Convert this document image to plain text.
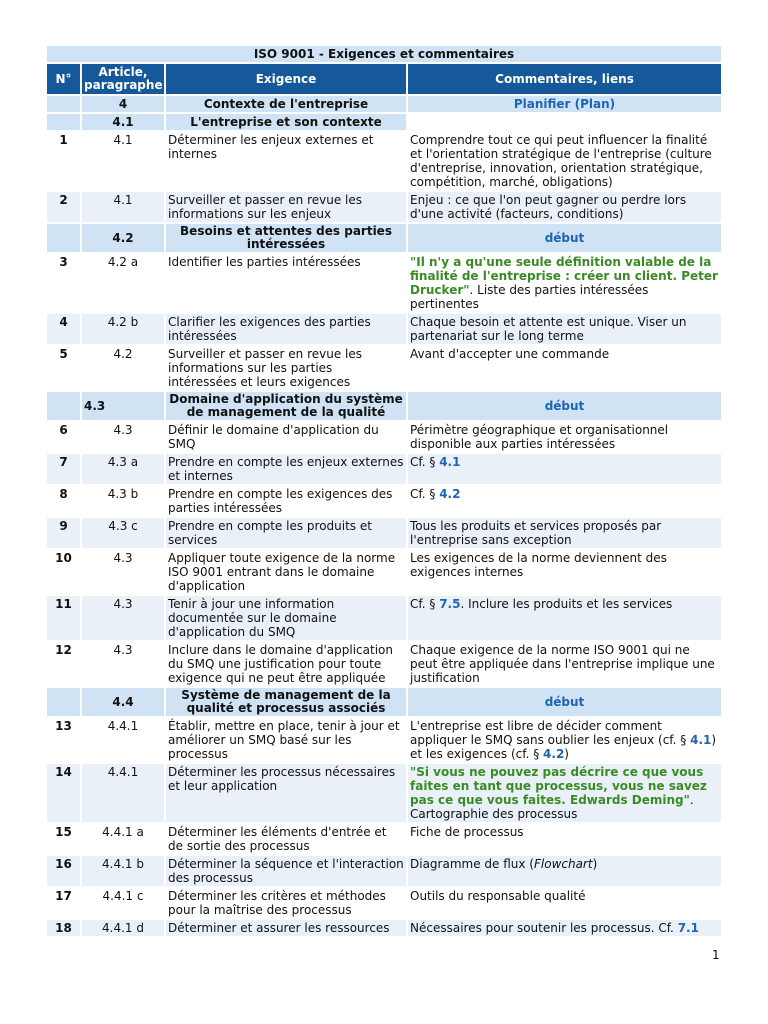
ISO 9001 - Exigences et commentaires			
N°	Article, paragraphe	Exigence	Commentaires, liens
	4	Contexte de l'entreprise	Planifier (Plan)
	4.1	L'entreprise et son contexte	
1	4.1	Déterminer les enjeux externes et internes	Comprendre tout ce qui peut influencer la finalité et l'orientation stratégique de l'entreprise (culture d'entreprise, innovation, orientation stratégique, compétition, marché, obligations)
2	4.1	Surveiller et passer en revue les informations sur les enjeux	Enjeu : ce que l'on peut gagner ou perdre lors d'une activité (facteurs, conditions)
	4.2	Besoins et attentes des parties intéressées	début
3	4.2 a	Identifier les parties intéressées	"Il n'y a qu'une seule définition valable de la finalité de l'entreprise : créer un client. Peter Drucker". Liste des parties intéressées pertinentes
4	4.2 b	Clarifier les exigences des parties intéressées	Chaque besoin et attente est unique. Viser un partenariat sur le long terme
5	4.2	Surveiller et passer en revue les informations sur les parties intéressées et leurs exigences	Avant d'accepter une commande
	4.3	Domaine d'application du système de management de la qualité	début
6	4.3	Définir le domaine d'application du SMQ	Périmètre géographique et organisationnel disponible aux parties intéressées
7	4.3 a	Prendre en compte les enjeux externes et internes	Cf. § 4.1
8	4.3 b	Prendre en compte les exigences des parties intéressées	Cf. § 4.2
9	4.3 c	Prendre en compte les produits et services	Tous les produits et services proposés par l'entreprise sans exception
10	4.3	Appliquer toute exigence de la norme ISO 9001 entrant dans le domaine d'application	Les exigences de la norme deviennent des exigences internes
11	4.3	Tenir à jour une information documentée sur le domaine d'application du SMQ	Cf. § 7.5. Inclure les produits et les services
12	4.3	Inclure dans le domaine d'application du SMQ une justification pour toute exigence qui ne peut être appliquée	Chaque exigence de la norme ISO 9001 qui ne peut être appliquée dans l'entreprise implique une justification
	4.4	Système de management de la qualité et processus associés	début
13	4.4.1	Établir, mettre en place, tenir à jour et améliorer un SMQ basé sur les processus	L'entreprise est libre de décider comment appliquer le SMQ sans oublier les enjeux (cf. § 4.1) et les exigences (cf. § 4.2)
14	4.4.1	Déterminer les processus nécessaires et leur application	"Si vous ne pouvez pas décrire ce que vous faites en tant que processus, vous ne savez pas ce que vous faites. Edwards Deming". Cartographie des processus
15	4.4.1 a	Déterminer les éléments d'entrée et de sortie des processus	Fiche de processus
16	4.4.1 b	Déterminer la séquence et l'interaction des processus	Diagramme de flux (Flowchart)
17	4.4.1 c	Déterminer les critères et méthodes pour la maîtrise des processus	Outils du responsable qualité
18	4.4.1 d	Déterminer et assurer les ressources	Nécessaires pour soutenir les processus. Cf. 7.1
1
